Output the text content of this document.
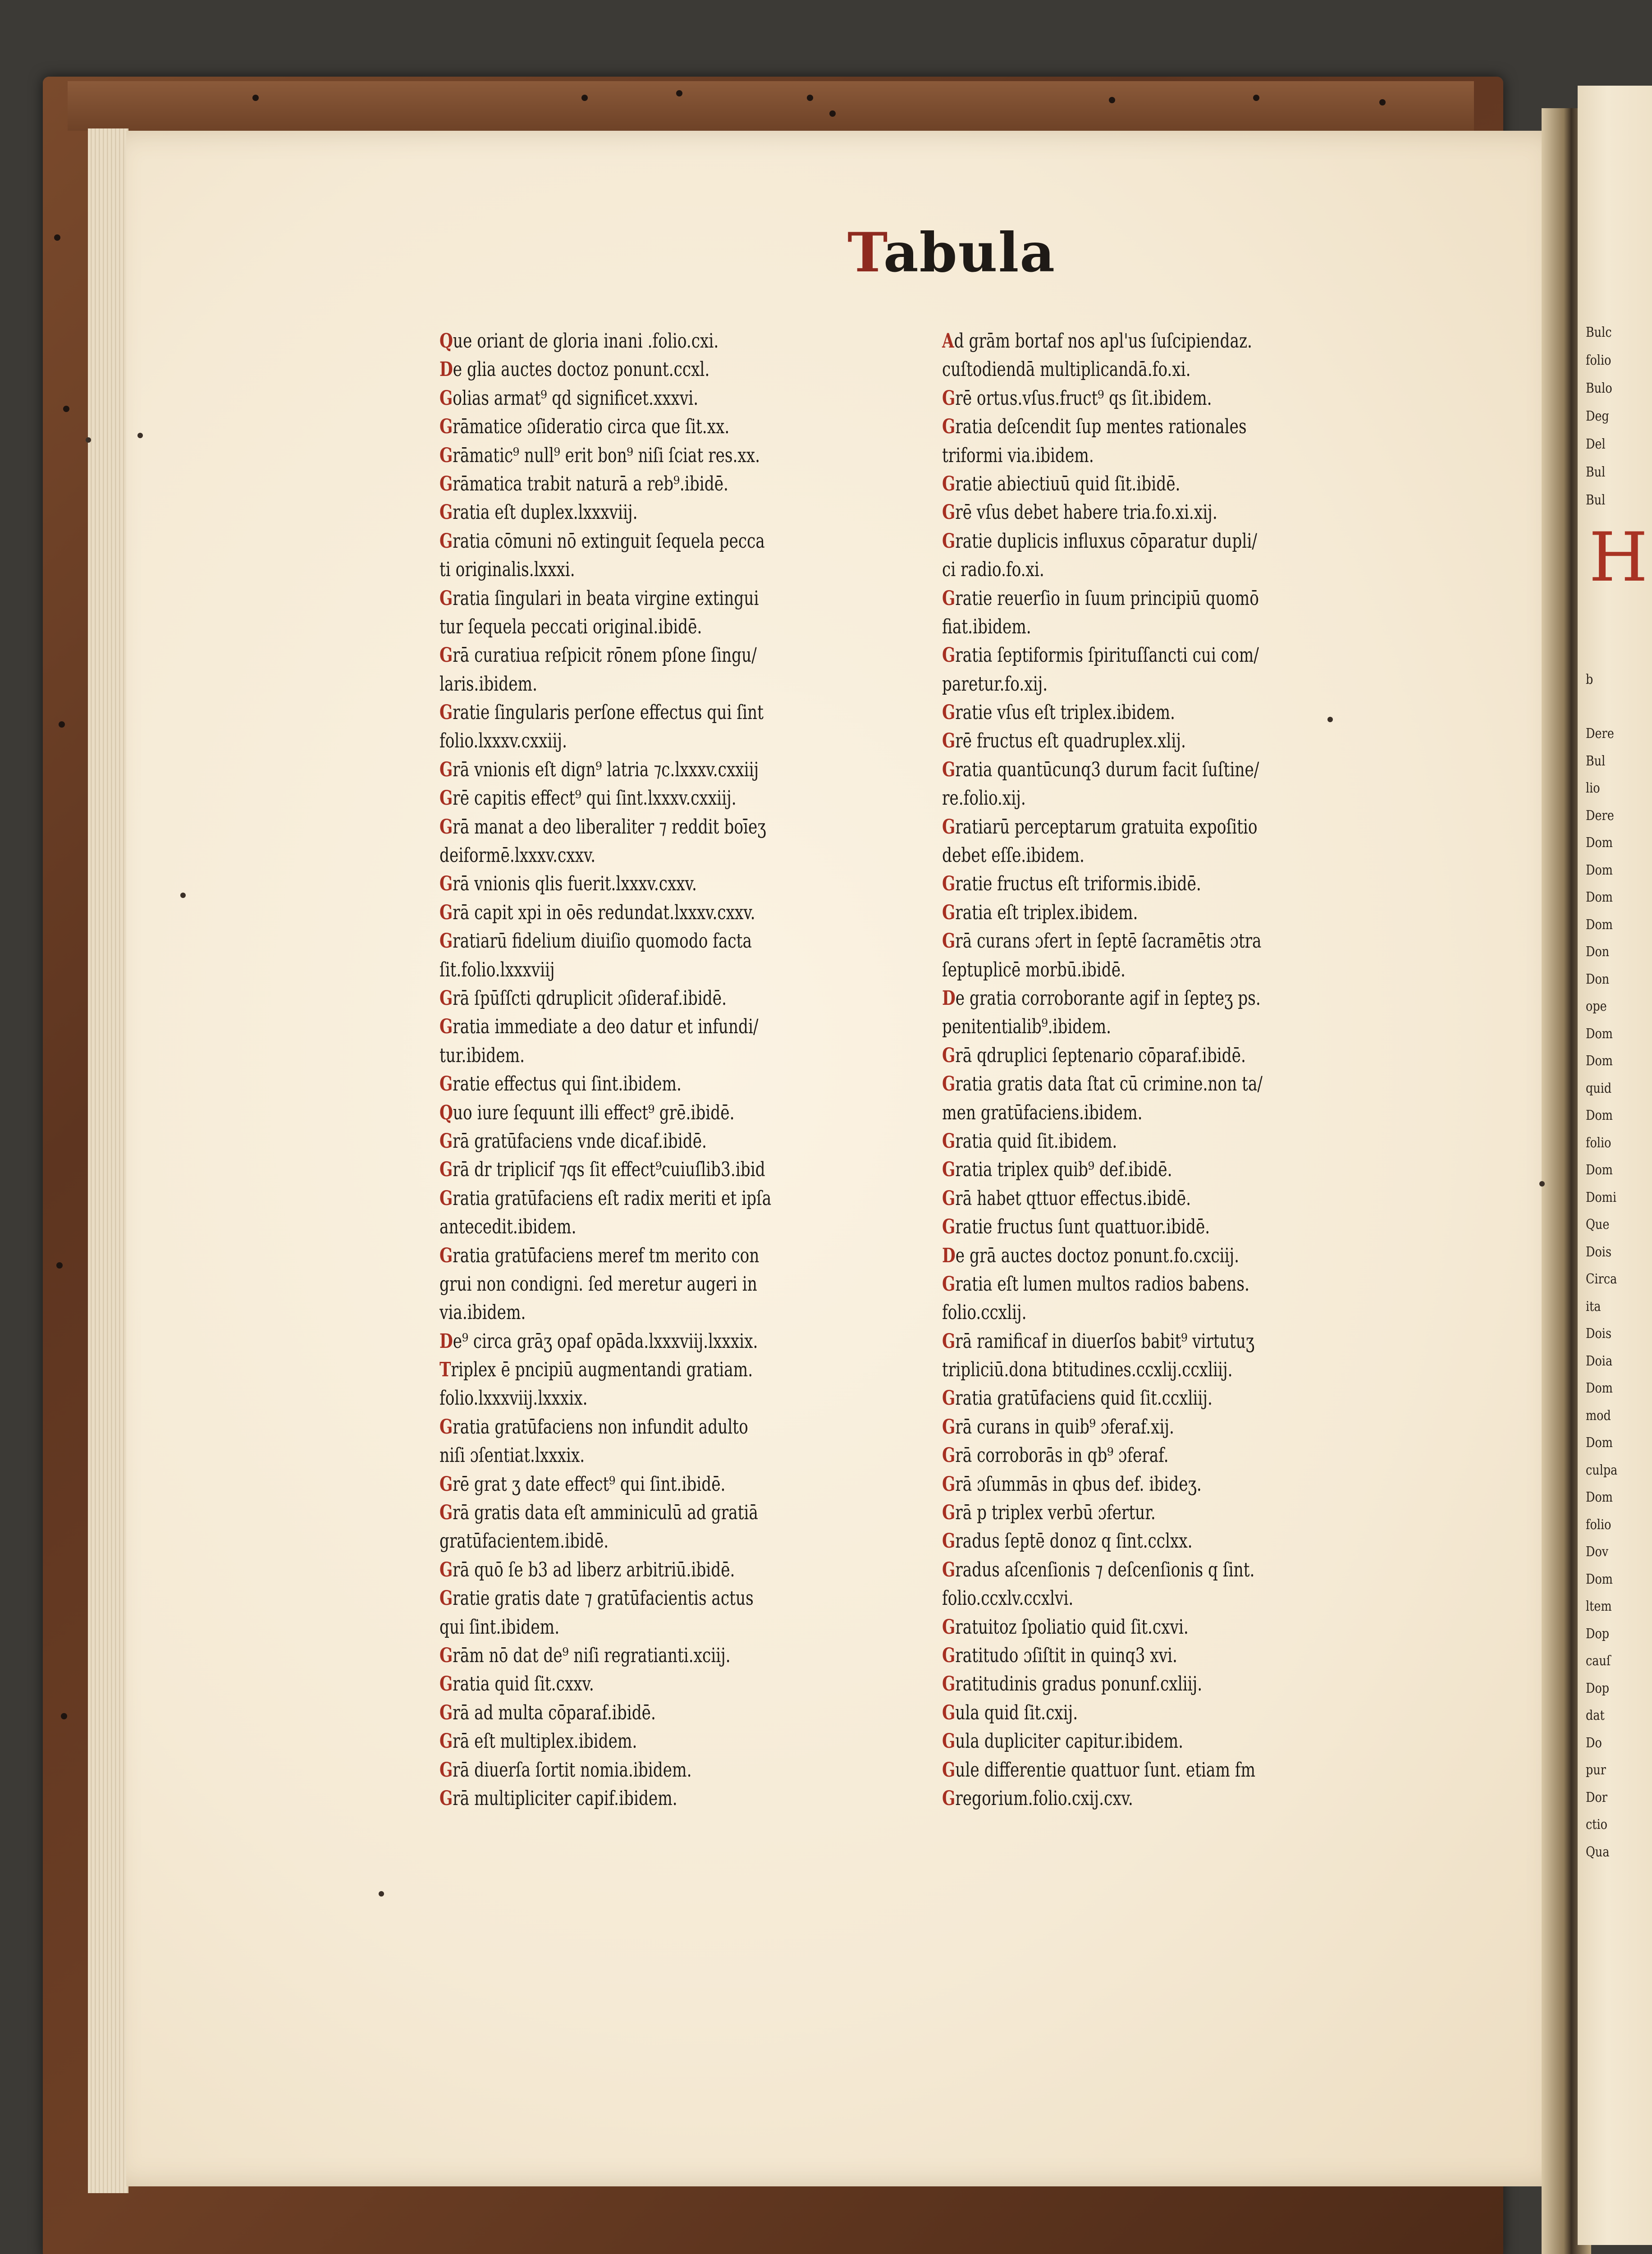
H
Bulc
folio
Bulo
Deg
Del
Bul
Bul
b
Dere
Bul
lio
Dere
Dom
Dom
Dom
Dom
Don
Don
ope
Dom
Dom
quid
Dom
folio
Dom
Domi
Que
Dois
Circa
ita
Dois
Doia
Dom
mod
Dom
culpa
Dom
folio
Dov
Dom
ltem
Dop
cauſ
Dop
dat
Do
pur
Dor
ctio
Qua
Tabula
Que oriant de gloria inani .folio.cxi.
De glia auctes doctoz ponunt.ccxl.
Golias armat⁹ qd significet.xxxvi.
Grāmatice ɔſideratio circa que ſit.xx.
Grāmatic⁹ null⁹ erit bon⁹ niſi ſciat res.xx.
Grāmatica trabit naturā a reb⁹.ibidē.
Gratia eſt duplex.lxxxviij.
Gratia cōmuni nō extinguit ſequela pecca
ti originalis.lxxxi.
Gratia ſingulari in beata virgine extingui
tur ſequela peccati original.ibidē.
Grā curatiua reſpicit rōnem pſone ſingu/
laris.ibidem.
Gratie ſingularis perſone effectus qui ſint
folio.lxxxv.cxxiij.
Grā vnionis eſt dign⁹ latria ⁊c.lxxxv.cxxiij
Grē capitis effect⁹ qui ſint.lxxxv.cxxiij.
Grā manat a deo liberaliter ⁊ reddit boīeʒ
deiformē.lxxxv.cxxv.
Grā vnionis qlis fuerit.lxxxv.cxxv.
Grā capit xpi in oēs redundat.lxxxv.cxxv.
Gratiarū fidelium diuiſio quomodo facta
ſit.folio.lxxxviij
Grā ſpūſſcti qdruplicit ɔſideraf.ibidē.
Gratia immediate a deo datur et infundi/
tur.ibidem.
Gratie effectus qui ſint.ibidem.
Quo iure ſequunt illi effect⁹ grē.ibidē.
Grā gratūfaciens vnde dicaf.ibidē.
Grā dr triplicif ⁊qs ſit effect⁹cuiuſlib3.ibid
Gratia gratūfaciens eſt radix meriti et ipſa
antecedit.ibidem.
Gratia gratūfaciens meref tm merito con
grui non condigni. ſed meretur augeri in
via.ibidem.
De⁹ circa grāʒ opaf opāda.lxxxviij.lxxxix.
Triplex ē pncipiū augmentandi gratiam.
folio.lxxxviij.lxxxix.
Gratia gratūfaciens non infundit adulto
niſi ɔſentiat.lxxxix.
Grē grat ʒ date effect⁹ qui ſint.ibidē.
Grā gratis data eſt amminiculū ad gratiā
gratūfacientem.ibidē.
Grā quō ſe b3 ad liberz arbitriū.ibidē.
Gratie gratis date ⁊ gratūfacientis actus
qui ſint.ibidem.
Grām nō dat de⁹ niſi regratianti.xciij.
Gratia quid ſit.cxxv.
Grā ad multa cōparaf.ibidē.
Grā eſt multiplex.ibidem.
Grā diuerſa ſortit nomia.ibidem.
Grā multipliciter capif.ibidem.
Ad grām bortaf nos apl'us ſuſcipiendaz.
cuſtodiendā multiplicandā.fo.xi.
Grē ortus.vſus.fruct⁹ qs ſit.ibidem.
Gratia deſcendit ſup mentes rationales
triformi via.ibidem.
Gratie abiectiuū quid ſit.ibidē.
Grē vſus debet habere tria.fo.xi.xij.
Gratie duplicis influxus cōparatur dupli/
ci radio.fo.xi.
Gratie reuerſio in ſuum principiū quomō
fiat.ibidem.
Gratia ſeptiformis ſpirituſſancti cui com/
paretur.fo.xij.
Gratie vſus eſt triplex.ibidem.
Grē fructus eſt quadruplex.xlij.
Gratia quantūcunq3 durum facit ſuſtine/
re.folio.xij.
Gratiarū perceptarum gratuita expoſitio
debet eſſe.ibidem.
Gratie fructus eſt triformis.ibidē.
Gratia eſt triplex.ibidem.
Grā curans ɔfert in ſeptē ſacramētis ɔtra
ſeptuplicē morbū.ibidē.
De gratia corroborante agif in ſepteʒ ps.
penitentialib⁹.ibidem.
Grā qdruplici ſeptenario cōparaf.ibidē.
Gratia gratis data ſtat cū crimine.non ta/
men gratūfaciens.ibidem.
Gratia quid ſit.ibidem.
Gratia triplex quib⁹ def.ibidē.
Grā habet qttuor effectus.ibidē.
Gratie fructus ſunt quattuor.ibidē.
De grā auctes doctoz ponunt.fo.cxciij.
Gratia eſt lumen multos radios babens.
folio.ccxlij.
Grā ramificaf in diuerſos babit⁹ virtutuʒ
tripliciū.dona btitudines.ccxlij.ccxliij.
Gratia gratūfaciens quid ſit.ccxliij.
Grā curans in quib⁹ ɔferaf.xij.
Grā corroborās in qb⁹ ɔferaf.
Grā ɔſummās in qbus def. ibideʒ.
Grā p triplex verbū ɔfertur.
Gradus ſeptē donoz q ſint.cclxx.
Gradus aſcenſionis ⁊ deſcenſionis q ſint.
folio.ccxlv.ccxlvi.
Gratuitoz ſpoliatio quid ſit.cxvi.
Gratitudo ɔſiſtit in quinq3 xvi.
Gratitudinis gradus ponunf.cxliij.
Gula quid ſit.cxij.
Gula dupliciter capitur.ibidem.
Gule differentie quattuor ſunt. etiam fm
Gregorium.folio.cxij.cxv.
